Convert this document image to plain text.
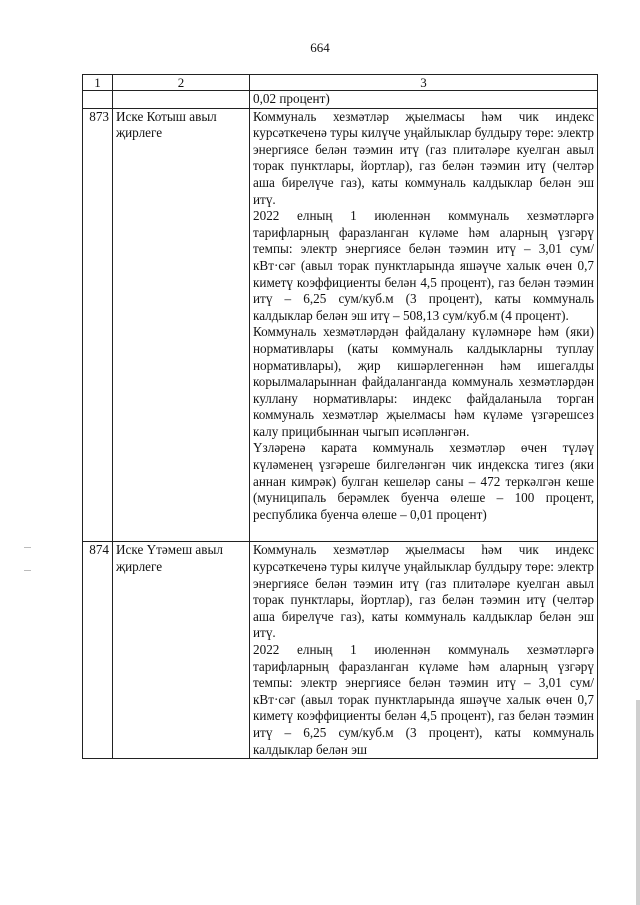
664
1	2	3
		0,02 процент)
873	Иске Котыш авыл җирлеге	Коммуналь хезмәтләр җыелмасы һәм чик индекс курсәткеченә туры килүче уңайлыклар булдыру төре: электр энергиясе белән тәэмин итү (газ плитәләре куелган авыл торак пунктлары, йортлар), газ белән тәэмин итү (челтәр аша бирелүче газ), каты коммуналь калдыклар белән эш итү.

2022 елның 1 июленнән коммуналь хезмәтләргә тарифларның фаразланган күләме һәм аларның үзгәрү темпы: электр энергиясе белән тәэмин итү – 3,01 сум/кВт·сәг (авыл торак пунктларында яшәүче халык өчен 0,7 киметү коэффициенты белән 4,5 процент), газ белән тәэмин итү – 6,25 сум/куб.м (3 процент), каты коммуналь калдыклар белән эш итү – 508,13 сум/куб.м (4 процент).

Коммуналь хезмәтләрдән файдалану күләмнәре һәм (яки) нормативлары (каты коммуналь калдыкларны туплау нормативлары), җир кишәрлегеннән һәм ишегалды корылмаларыннан файдаланганда коммуналь хезмәтләрдән куллану нормативлары: индекс файдаланыла торган коммуналь хезмәтләр җыелмасы һәм күләме үзгәрешсез калу прицибыннан чыгып исәпләнгән.

Үзләренә карата коммуналь хезмәтләр өчен түләү күләменең үзгәреше билгеләнгән чик индекска тигез (яки аннан кимрәк) булган кешеләр саны – 472 теркәлгән кеше (муниципаль берәмлек буенча өлеше – 100 процент, республика буенча өлеше – 0,01 процент)

874	Иске Үтәмеш авыл җирлеге	Коммуналь хезмәтләр җыелмасы һәм чик индекс курсәткеченә туры килүче уңайлыклар булдыру төре: электр энергиясе белән тәэмин итү (газ плитәләре куелган авыл торак пунктлары, йортлар), газ белән тәэмин итү (челтәр аша бирелүче газ), каты коммуналь калдыклар белән эш итү.

2022 елның 1 июленнән коммуналь хезмәтләргә тарифларның фаразланган күләме һәм аларның үзгәрү темпы: электр энергиясе белән тәэмин итү – 3,01 сум/кВт·сәг (авыл торак пунктларында яшәүче халык өчен 0,7 киметү коэффициенты белән 4,5 процент), газ белән тәэмин итү – 6,25 сум/куб.м (3 процент), каты коммуналь калдыклар белән эш
